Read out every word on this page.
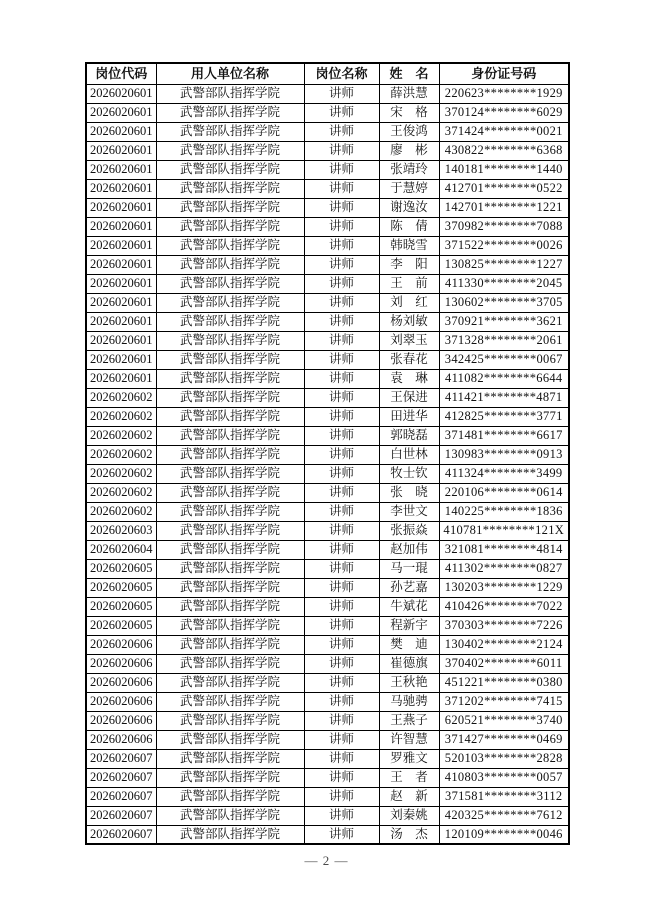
岗位代码	用人单位名称	岗位名称	姓　名	身份证号码
2026020601	武警部队指挥学院	讲师	薛洪慧	220623********1929
2026020601	武警部队指挥学院	讲师	宋　格	370124********6029
2026020601	武警部队指挥学院	讲师	王俊鸿	371424********0021
2026020601	武警部队指挥学院	讲师	廖　彬	430822********6368
2026020601	武警部队指挥学院	讲师	张靖玲	140181********1440
2026020601	武警部队指挥学院	讲师	于慧婷	412701********0522
2026020601	武警部队指挥学院	讲师	谢逸汝	142701********1221
2026020601	武警部队指挥学院	讲师	陈　倩	370982********7088
2026020601	武警部队指挥学院	讲师	韩晓雪	371522********0026
2026020601	武警部队指挥学院	讲师	李　阳	130825********1227
2026020601	武警部队指挥学院	讲师	王　前	411330********2045
2026020601	武警部队指挥学院	讲师	刘　红	130602********3705
2026020601	武警部队指挥学院	讲师	杨刘敏	370921********3621
2026020601	武警部队指挥学院	讲师	刘翠玉	371328********2061
2026020601	武警部队指挥学院	讲师	张春花	342425********0067
2026020601	武警部队指挥学院	讲师	袁　琳	411082********6644
2026020602	武警部队指挥学院	讲师	王保进	411421********4871
2026020602	武警部队指挥学院	讲师	田进华	412825********3771
2026020602	武警部队指挥学院	讲师	郭晓磊	371481********6617
2026020602	武警部队指挥学院	讲师	白世林	130983********0913
2026020602	武警部队指挥学院	讲师	牧士钦	411324********3499
2026020602	武警部队指挥学院	讲师	张　晓	220106********0614
2026020602	武警部队指挥学院	讲师	李世文	140225********1836
2026020603	武警部队指挥学院	讲师	张振焱	410781********121X
2026020604	武警部队指挥学院	讲师	赵加伟	321081********4814
2026020605	武警部队指挥学院	讲师	马一琨	411302********0827
2026020605	武警部队指挥学院	讲师	孙艺嘉	130203********1229
2026020605	武警部队指挥学院	讲师	牛斌花	410426********7022
2026020605	武警部队指挥学院	讲师	程新宇	370303********7226
2026020606	武警部队指挥学院	讲师	樊　迪	130402********2124
2026020606	武警部队指挥学院	讲师	崔德旗	370402********6011
2026020606	武警部队指挥学院	讲师	王秋艳	451221********0380
2026020606	武警部队指挥学院	讲师	马驰骋	371202********7415
2026020606	武警部队指挥学院	讲师	王燕子	620521********3740
2026020606	武警部队指挥学院	讲师	许智慧	371427********0469
2026020607	武警部队指挥学院	讲师	罗雅文	520103********2828
2026020607	武警部队指挥学院	讲师	王　者	410803********0057
2026020607	武警部队指挥学院	讲师	赵　新	371581********3112
2026020607	武警部队指挥学院	讲师	刘秦姚	420325********7612
2026020607	武警部队指挥学院	讲师	汤　杰	120109********0046
— 2 —
